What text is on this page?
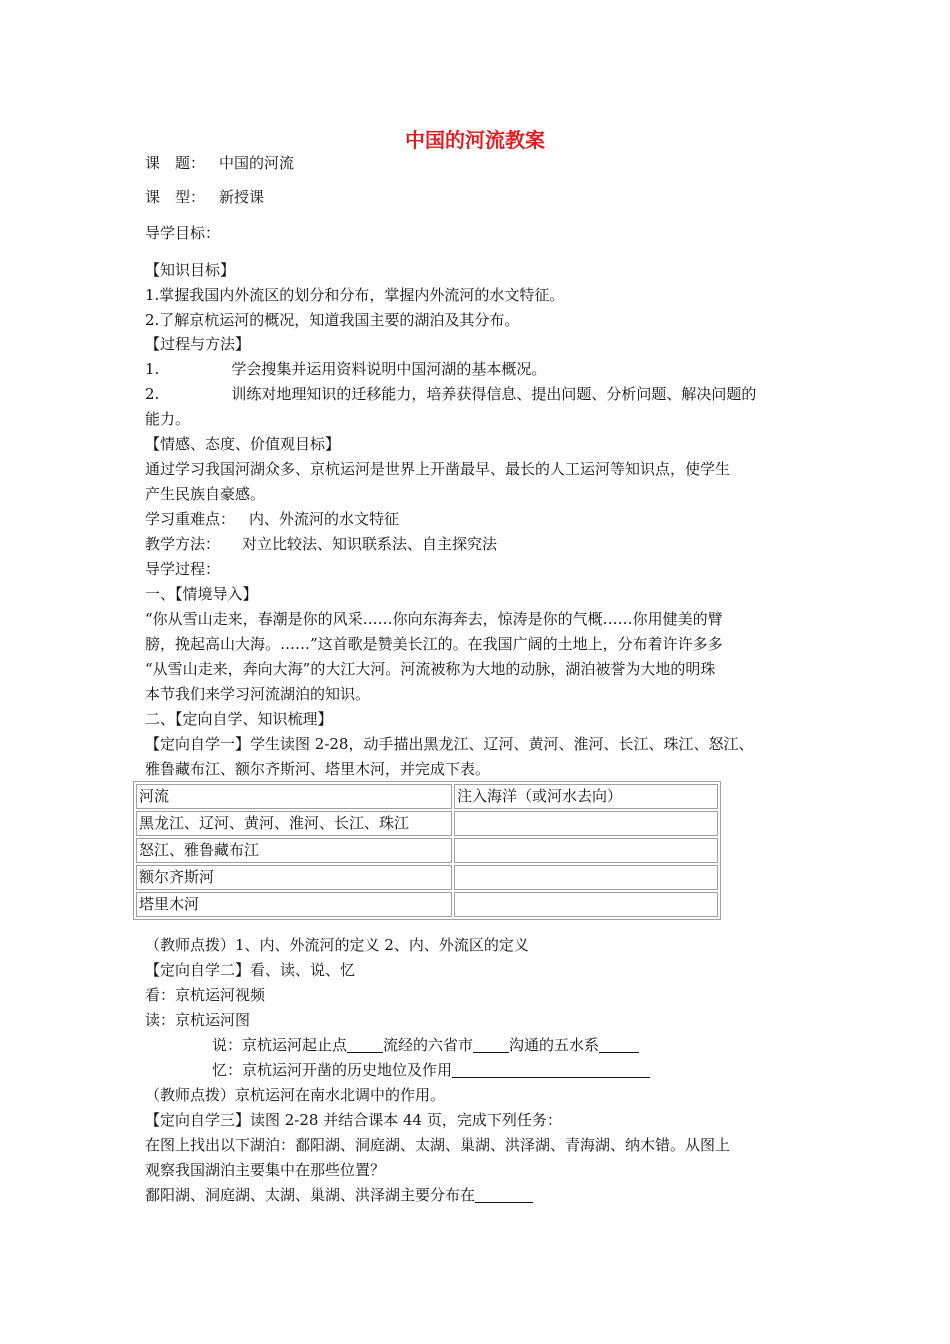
中国的河流教案
课　题： 中国的河流
课　型： 新授课
导学目标：
【知识目标】
1.掌握我国内外流区的划分和分布，掌握内外流河的水文特征。
2.了解京杭运河的概况，知道我国主要的湖泊及其分布。
【过程与方法】
1.	学会搜集并运用资料说明中国河湖的基本概况。
2.	训练对地理知识的迁移能力，培养获得信息、提出问题、分析问题、解决问题的
能力。
【情感、态度、价值观目标】
通过学习我国河湖众多、京杭运河是世界上开凿最早、最长的人工运河等知识点，使学生
产生民族自豪感。
学习重难点： 内、外流河的水文特征
教学方法： 对立比较法、知识联系法、自主探究法
导学过程：
一、【情境导入】
“你从雪山走来，春潮是你的风采……你向东海奔去，惊涛是你的气概……你用健美的臂
膀，挽起高山大海。……”这首歌是赞美长江的。在我国广阔的土地上，分布着许许多多
“从雪山走来，奔向大海”的大江大河。河流被称为大地的动脉，湖泊被誉为大地的明珠
本节我们来学习河流湖泊的知识。
二、【定向自学、知识梳理】
【定向自学一】学生读图 2-28，动手描出黑龙江、辽河、黄河、淮河、长江、珠江、怒江、
雅鲁藏布江、额尔齐斯河、塔里木河，并完成下表。
河流	注入海洋（或河水去向）
黑龙江、辽河、黄河、淮河、长江、珠江	
怒江、雅鲁藏布江	
额尔齐斯河	
塔里木河	
（教师点拨）1、内、外流河的定义 2、内、外流区的定义
【定向自学二】看、读、说、忆
看：京杭运河视频
读：京杭运河图
说：京杭运河起止点 流经的六省市 沟通的五水系
忆：京杭运河开凿的历史地位及作用
（教师点拨）京杭运河在南水北调中的作用。
【定向自学三】读图 2-28 并结合课本 44 页，完成下列任务：
在图上找出以下湖泊：鄱阳湖、洞庭湖、太湖、巢湖、洪泽湖、青海湖、纳木错。从图上
观察我国湖泊主要集中在那些位置？
鄱阳湖、洞庭湖、太湖、巢湖、洪泽湖主要分布在
